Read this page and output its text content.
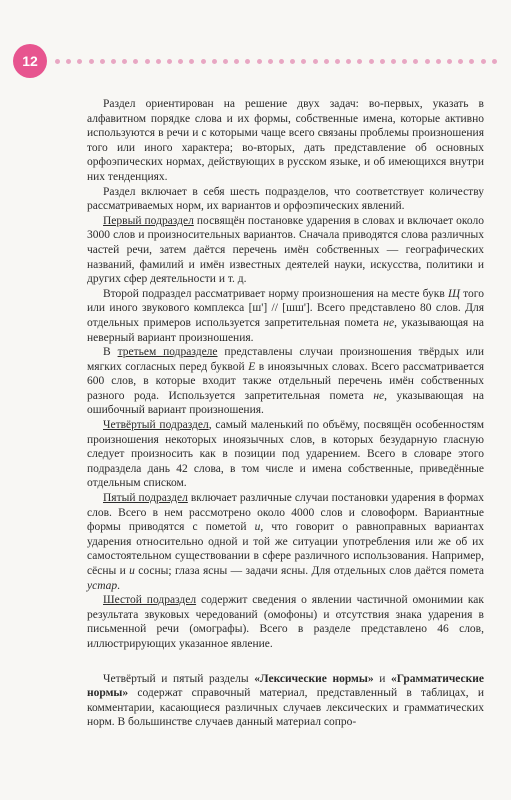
12

Раздел ориентирован на решение двух задач: во-первых, указать в алфавитном порядке слова и их формы, собственные имена, которые активно используются в речи и с которыми чаще всего связаны проблемы произношения того или иного характера; во-вторых, дать представление об основных орфоэпических нормах, действующих в русском языке, и об имеющихся внутри них тенденциях.

Раздел включает в себя шесть подразделов, что соответствует количеству рассматриваемых норм, их вариантов и орфоэпических явлений.

Первый подраздел посвящён постановке ударения в словах и включает около 3000 слов и произносительных вариантов. Сначала приводятся слова различных частей речи, затем даётся перечень имён собственных — географических названий, фамилий и имён известных деятелей науки, искусства, политики и других сфер деятельности и т. д.

Второй подраздел рассматривает норму произношения на месте букв Щ того или иного звукового комплекса [ш'] // [шш']. Всего представлено 80 слов. Для отдельных примеров используется запретительная помета не, указывающая на неверный вариант произношения.

В третьем подразделе представлены случаи произношения твёрдых или мягких согласных перед буквой Е в иноязычных словах. Всего рассматривается 600 слов, в которые входит также отдельный перечень имён собственных разного рода. Используется запретительная помета не, указывающая на ошибочный вариант произношения.

Четвёртый подраздел, самый маленький по объёму, посвящён особенностям произношения некоторых иноязычных слов, в которых безударную гласную следует произносить как в позиции под ударением. Всего в словаре этого подраздела дань 42 слова, в том числе и имена собственные, приведённые отдельным списком.

Пятый подраздел включает различные случаи постановки ударения в формах слов. Всего в нем рассмотрено около 4000 слов и словоформ. Вариантные формы приводятся с пометой и, что говорит о равноправных вариантах ударения относительно одной и той же ситуации употребления или же об их самостоятельном существовании в сфере различного использования. Например, сёсны и и сосны; глаза ясны — задачи ясны. Для отдельных слов даётся помета устар.

Шестой подраздел содержит сведения о явлении частичной омонимии как результата звуковых чередований (омофоны) и отсутствия знака ударения в письменной речи (омографы). Всего в разделе представлено 46 слов, иллюстрирующих указанное явление.

Четвёртый и пятый разделы «Лексические нормы» и «Грамматические нормы» содержат справочный материал, представленный в таблицах, и комментарии, касающиеся различных случаев лексических и грамматических норм. В большинстве случаев данный материал сопро-
